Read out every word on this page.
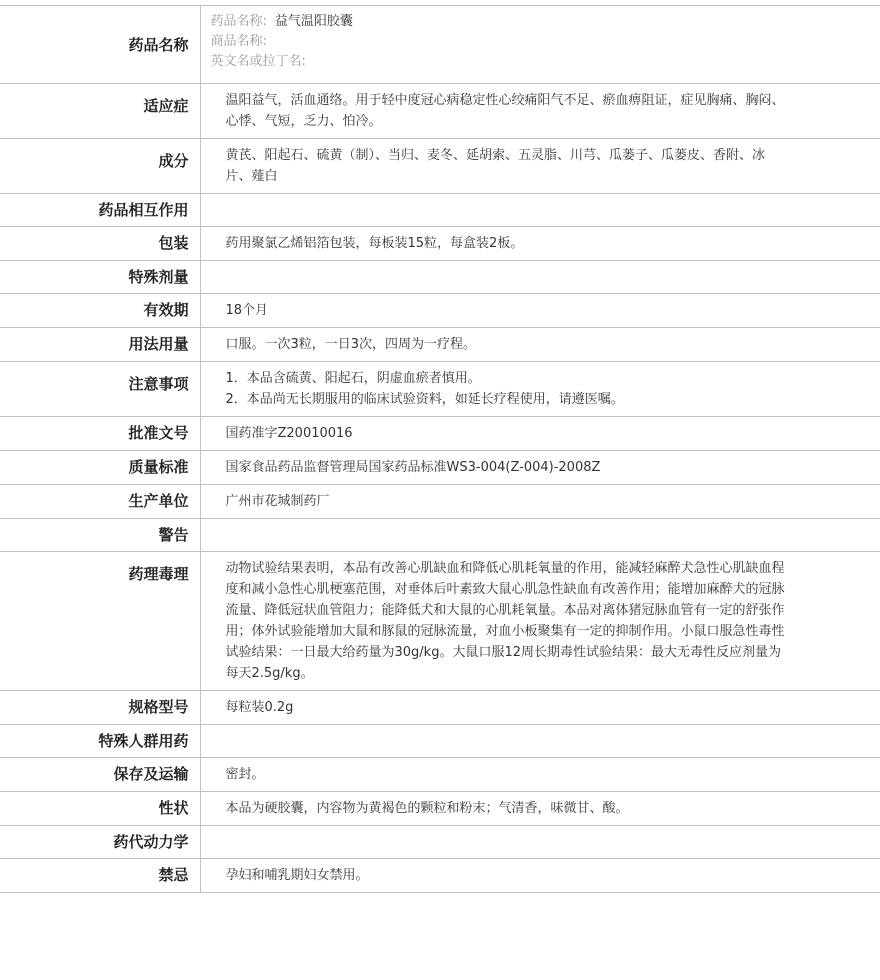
药品名称	药品名称: 益气温阳胶囊
商品名称:
英文名或拉丁名:

适应症	温阳益气，活血通络。用于轻中度冠心病稳定性心绞痛阳气不足、瘀血痹阻证，症见胸痛、胸闷、心悸、气短，乏力、怕冷。
成分	黄芪、阳起石、硫黄（制）、当归、麦冬、延胡索、五灵脂、川芎、瓜蒌子、瓜蒌皮、香附、冰片、薤白
药品相互作用	
包装	药用聚氯乙烯铝箔包装，每板装15粒，每盒装2板。
特殊剂量	
有效期	18个月
用法用量	口服。一次3粒，一日3次，四周为一疗程。
注意事项	1．本品含硫黄、阳起石，阴虚血瘀者慎用。
2．本品尚无长期服用的临床试验资料，如延长疗程使用，请遵医嘱。

批准文号	国药准字Z20010016
质量标准	国家食品药品监督管理局国家药品标准WS3-004(Z-004)-2008Z
生产单位	广州市花城制药厂
警告	
药理毒理	动物试验结果表明，本品有改善心肌缺血和降低心肌耗氧量的作用，能减轻麻醉犬急性心肌缺血程度和减小急性心肌梗塞范围，对垂体后叶素致大鼠心肌急性缺血有改善作用；能增加麻醉犬的冠脉流量、降低冠状血管阻力；能降低犬和大鼠的心肌耗氧量。本品对离体猪冠脉血管有一定的舒张作用；体外试验能增加大鼠和豚鼠的冠脉流量，对血小板聚集有一定的抑制作用。小鼠口服急性毒性试验结果：一日最大给药量为30g/kg。大鼠口服12周长期毒性试验结果：最大无毒性反应剂量为每天2.5g/kg。
规格型号	每粒装0.2g
特殊人群用药	
保存及运输	密封。
性状	本品为硬胶囊，内容物为黄褐色的颗粒和粉末；气清香，味微甘、酸。
药代动力学	
禁忌	孕妇和哺乳期妇女禁用。
